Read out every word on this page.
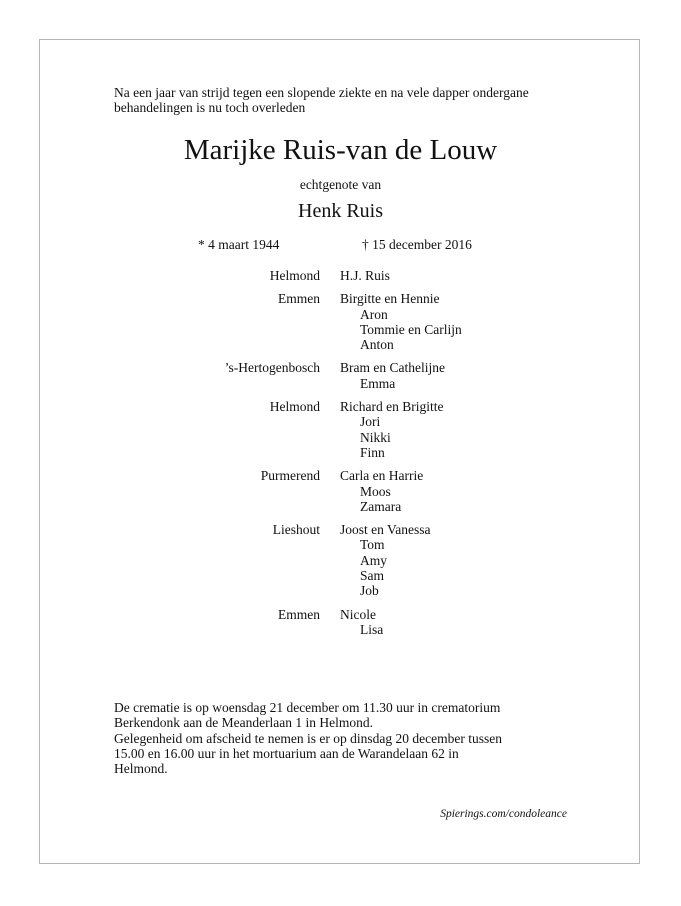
Na een jaar van strijd tegen een slopende ziekte en na vele dapper ondergane behandelingen is nu toch overleden
Marijke Ruis-van de Louw
echtgenote van
Henk Ruis
* 4 maart 1944	† 15 december 2016
Helmond H.J. Ruis
Emmen Birgitte en Hennie
Aron
Tommie en Carlijn
Anton
’s-Hertogenbosch Bram en Cathelijne
Emma
Helmond Richard en Brigitte
Jori
Nikki
Finn
Purmerend Carla en Harrie
Moos
Zamara
Lieshout Joost en Vanessa
Tom
Amy
Sam
Job
Emmen Nicole
Lisa
De crematie is op woensdag 21 december om 11.30 uur in crematorium
Berkendonk aan de Meanderlaan 1 in Helmond.
Gelegenheid om afscheid te nemen is er op dinsdag 20 december tussen
15.00 en 16.00 uur in het mortuarium aan de Warandelaan 62 in
Helmond.
Spierings.com/condoleance
